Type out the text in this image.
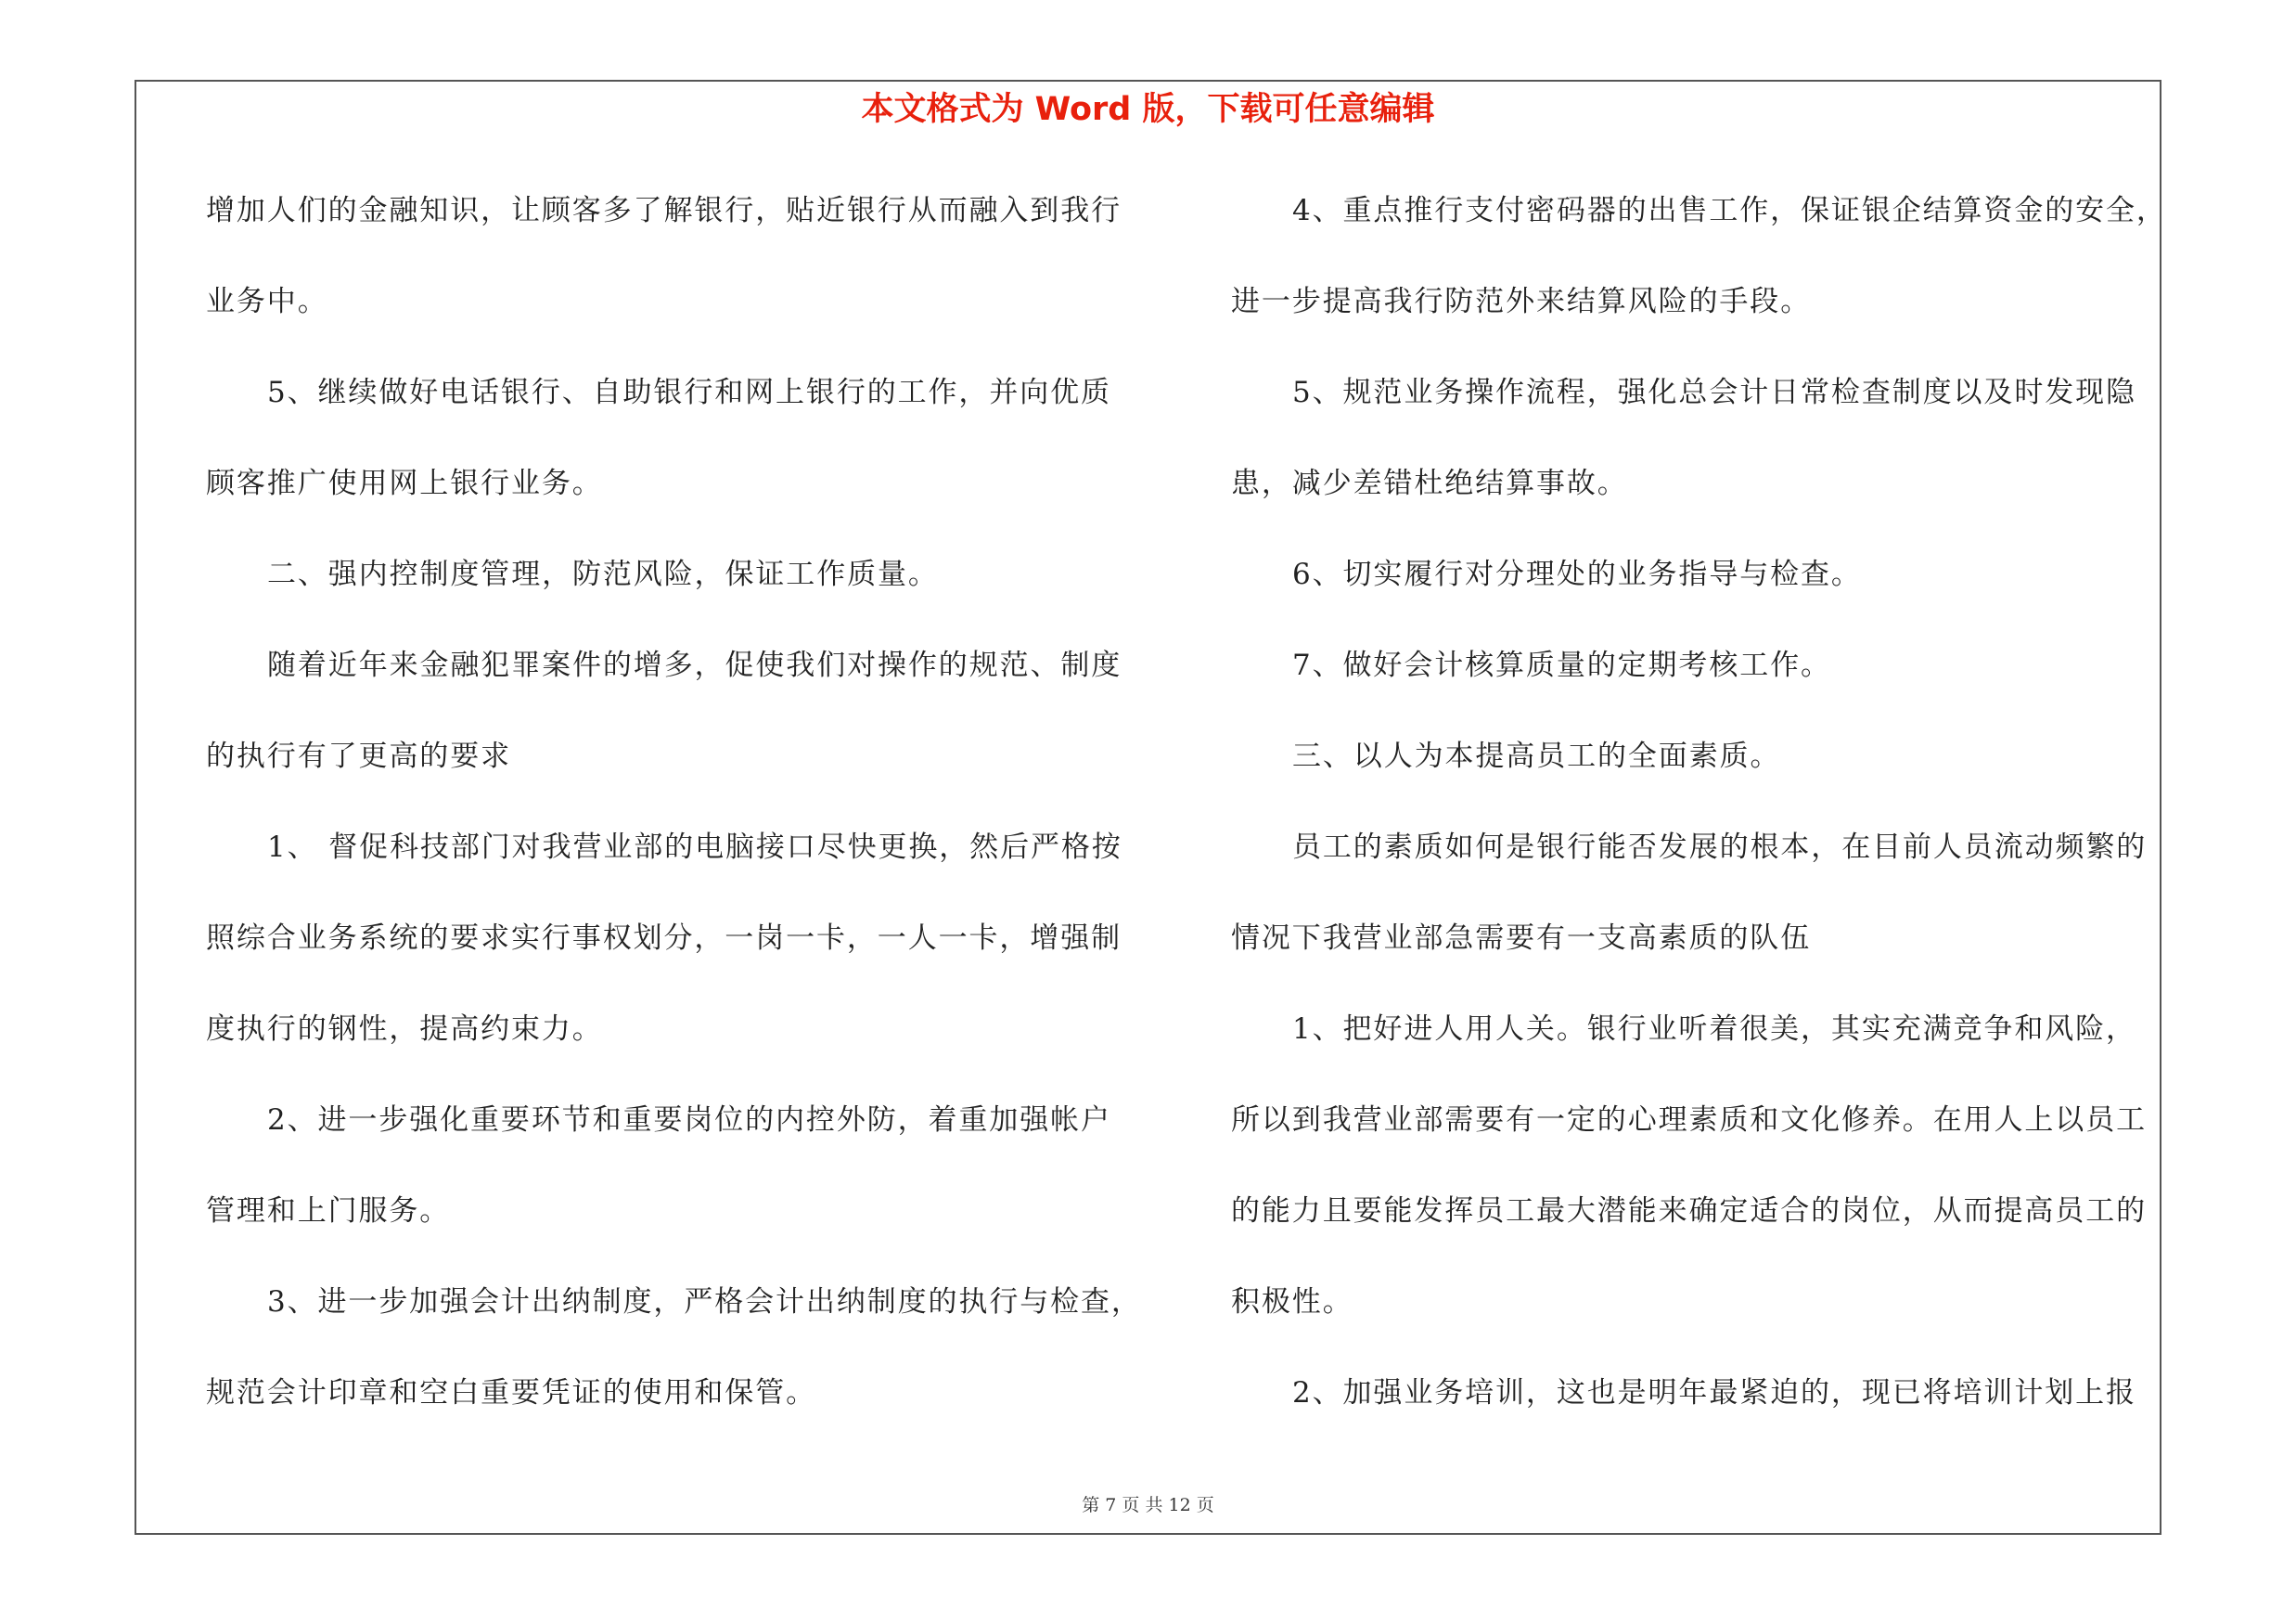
本文格式为 Word 版，下载可任意编辑
增加人们的金融知识，让顾客多了解银行，贴近银行从而融入到我行
业务中。
5、继续做好电话银行、自助银行和网上银行的工作，并向优质
顾客推广使用网上银行业务。
二、强内控制度管理，防范风险，保证工作质量。
随着近年来金融犯罪案件的增多，促使我们对操作的规范、制度
的执行有了更高的要求
1、 督促科技部门对我营业部的电脑接口尽快更换，然后严格按
照综合业务系统的要求实行事权划分，一岗一卡，一人一卡，增强制
度执行的钢性，提高约束力。
2、进一步强化重要环节和重要岗位的内控外防，着重加强帐户
管理和上门服务。
3、进一步加强会计出纳制度，严格会计出纳制度的执行与检查，
规范会计印章和空白重要凭证的使用和保管。
4、重点推行支付密码器的出售工作，保证银企结算资金的安全，
进一步提高我行防范外来结算风险的手段。
5、规范业务操作流程，强化总会计日常检查制度以及时发现隐
患，减少差错杜绝结算事故。
6、切实履行对分理处的业务指导与检查。
7、做好会计核算质量的定期考核工作。
三、以人为本提高员工的全面素质。
员工的素质如何是银行能否发展的根本，在目前人员流动频繁的
情况下我营业部急需要有一支高素质的队伍
1、把好进人用人关。银行业听着很美，其实充满竞争和风险，
所以到我营业部需要有一定的心理素质和文化修养。在用人上以员工
的能力且要能发挥员工最大潜能来确定适合的岗位，从而提高员工的
积极性。
2、加强业务培训，这也是明年最紧迫的，现已将培训计划上报
第 7 页 共 12 页
